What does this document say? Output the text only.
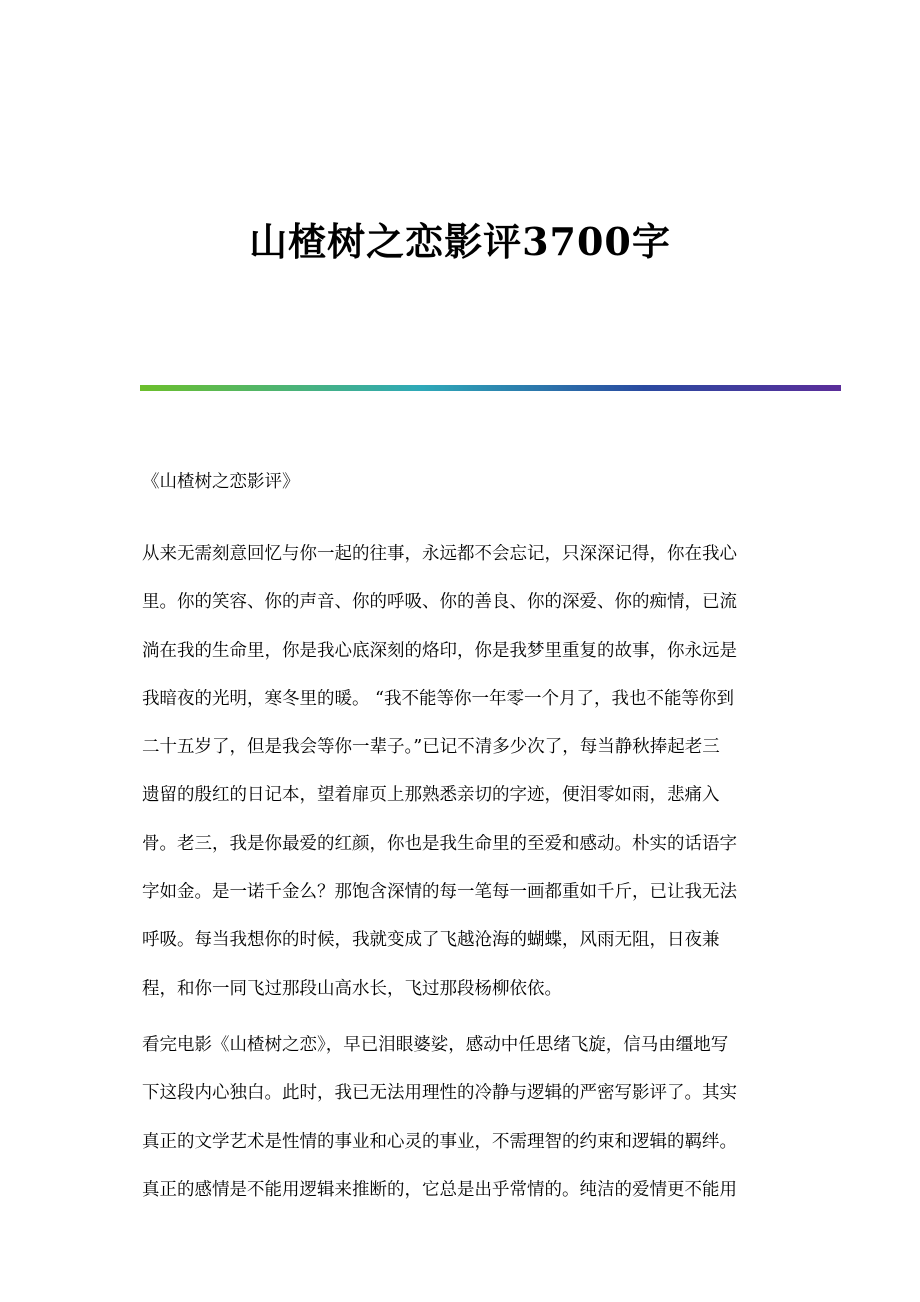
山楂树之恋影评3700字
《山楂树之恋影评》
从来无需刻意回忆与你一起的往事，永远都不会忘记，只深深记得，你在我心
里。你的笑容、你的声音、你的呼吸、你的善良、你的深爱、你的痴情，已流
淌在我的生命里，你是我心底深刻的烙印，你是我梦里重复的故事，你永远是
我暗夜的光明，寒冬里的暖。 “我不能等你一年零一个月了，我也不能等你到
二十五岁了，但是我会等你一辈子。”已记不清多少次了，每当静秋捧起老三
遗留的殷红的日记本，望着扉页上那熟悉亲切的字迹，便泪零如雨，悲痛入
骨。老三，我是你最爱的红颜，你也是我生命里的至爱和感动。朴实的话语字
字如金。是一诺千金么？那饱含深情的每一笔每一画都重如千斤，已让我无法
呼吸。每当我想你的时候，我就变成了飞越沧海的蝴蝶，风雨无阻，日夜兼
程，和你一同飞过那段山高水长，飞过那段杨柳依依。
看完电影《山楂树之恋》，早已泪眼婆娑，感动中任思绪飞旋，信马由缰地写
下这段内心独白。此时，我已无法用理性的冷静与逻辑的严密写影评了。其实
真正的文学艺术是性情的事业和心灵的事业，不需理智的约束和逻辑的羁绊。
真正的感情是不能用逻辑来推断的，它总是出乎常情的。纯洁的爱情更不能用
